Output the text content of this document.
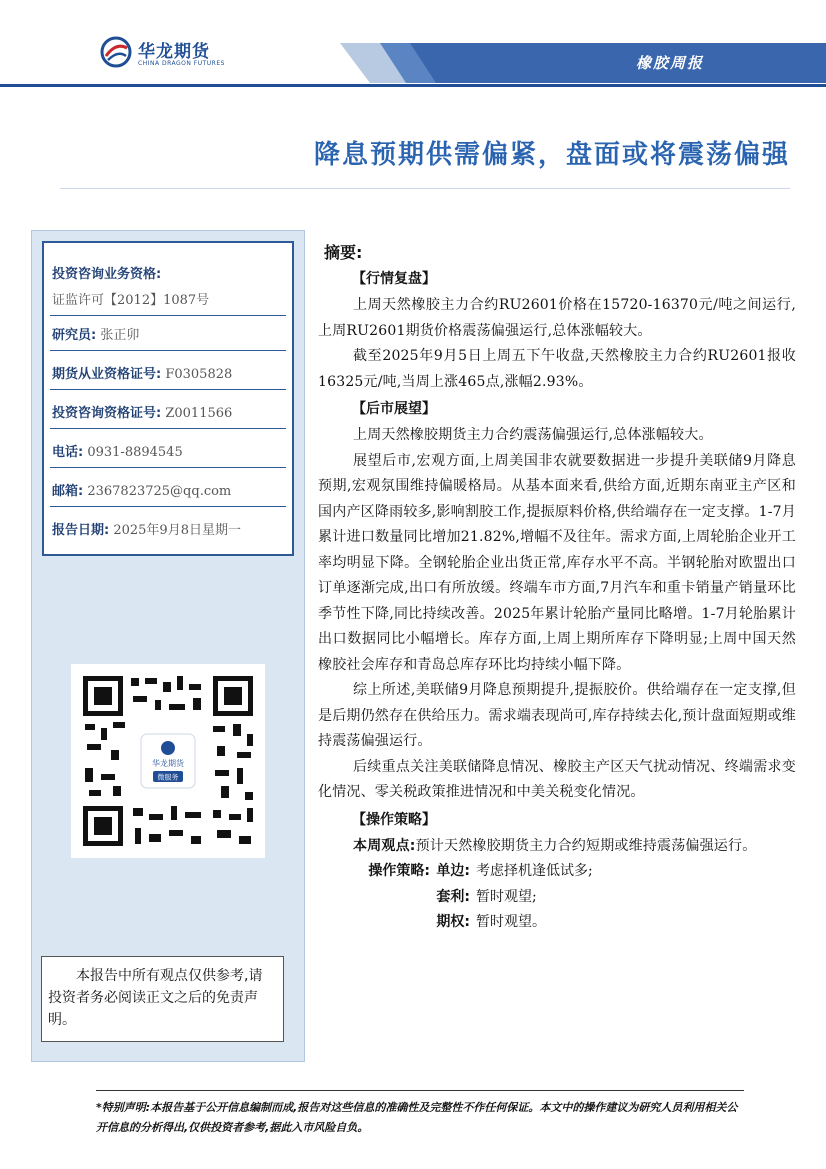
华龙期货
CHINA DRAGON FUTURES	橡胶周报
降息预期供需偏紧，盘面或将震荡偏强
投资咨询业务资格:
证监许可【2012】1087号
研究员: 张正卯
期货从业资格证号: F0305828
投资咨询资格证号: Z0011566
电话: 0931-8894545
邮箱: 2367823725@qq.com
报告日期: 2025年9月8日星期一
华龙期货
微服务
本报告中所有观点仅供参考,请投资者务必阅读正文之后的免责声明。
摘要:
【行情复盘】

上周天然橡胶主力合约RU2601价格在15720-16370元/吨之间运行,上周RU2601期货价格震荡偏强运行,总体涨幅较大。

截至2025年9月5日上周五下午收盘,天然橡胶主力合约RU2601报收16325元/吨,当周上涨465点,涨幅2.93%。

【后市展望】

上周天然橡胶期货主力合约震荡偏强运行,总体涨幅较大。

展望后市,宏观方面,上周美国非农就要数据进一步提升美联储9月降息预期,宏观氛围维持偏暖格局。从基本面来看,供给方面,近期东南亚主产区和国内产区降雨较多,影响割胶工作,提振原料价格,供给端存在一定支撑。1-7月累计进口数量同比增加21.82%,增幅不及往年。需求方面,上周轮胎企业开工率均明显下降。全钢轮胎企业出货正常,库存水平不高。半钢轮胎对欧盟出口订单逐渐完成,出口有所放缓。终端车市方面,7月汽车和重卡销量产销量环比季节性下降,同比持续改善。2025年累计轮胎产量同比略增。1-7月轮胎累计出口数据同比小幅增长。库存方面,上周上期所库存下降明显;上周中国天然橡胶社会库存和青岛总库存环比均持续小幅下降。

综上所述,美联储9月降息预期提升,提振胶价。供给端存在一定支撑,但是后期仍然存在供给压力。需求端表现尚可,库存持续去化,预计盘面短期或维持震荡偏强运行。

后续重点关注美联储降息情况、橡胶主产区天气扰动情况、终端需求变化情况、零关税政策推进情况和中美关税变化情况。

【操作策略】

本周观点:预计天然橡胶期货主力合约短期或维持震荡偏强运行。

操作策略: 单边: 考虑择机逢低试多;
套利: 暂时观望;
期权: 暂时观望。
*特别声明:本报告基于公开信息编制而成,报告对这些信息的准确性及完整性不作任何保证。本文中的操作建议为研究人员利用相关公开信息的分析得出,仅供投资者参考,据此入市风险自负。
